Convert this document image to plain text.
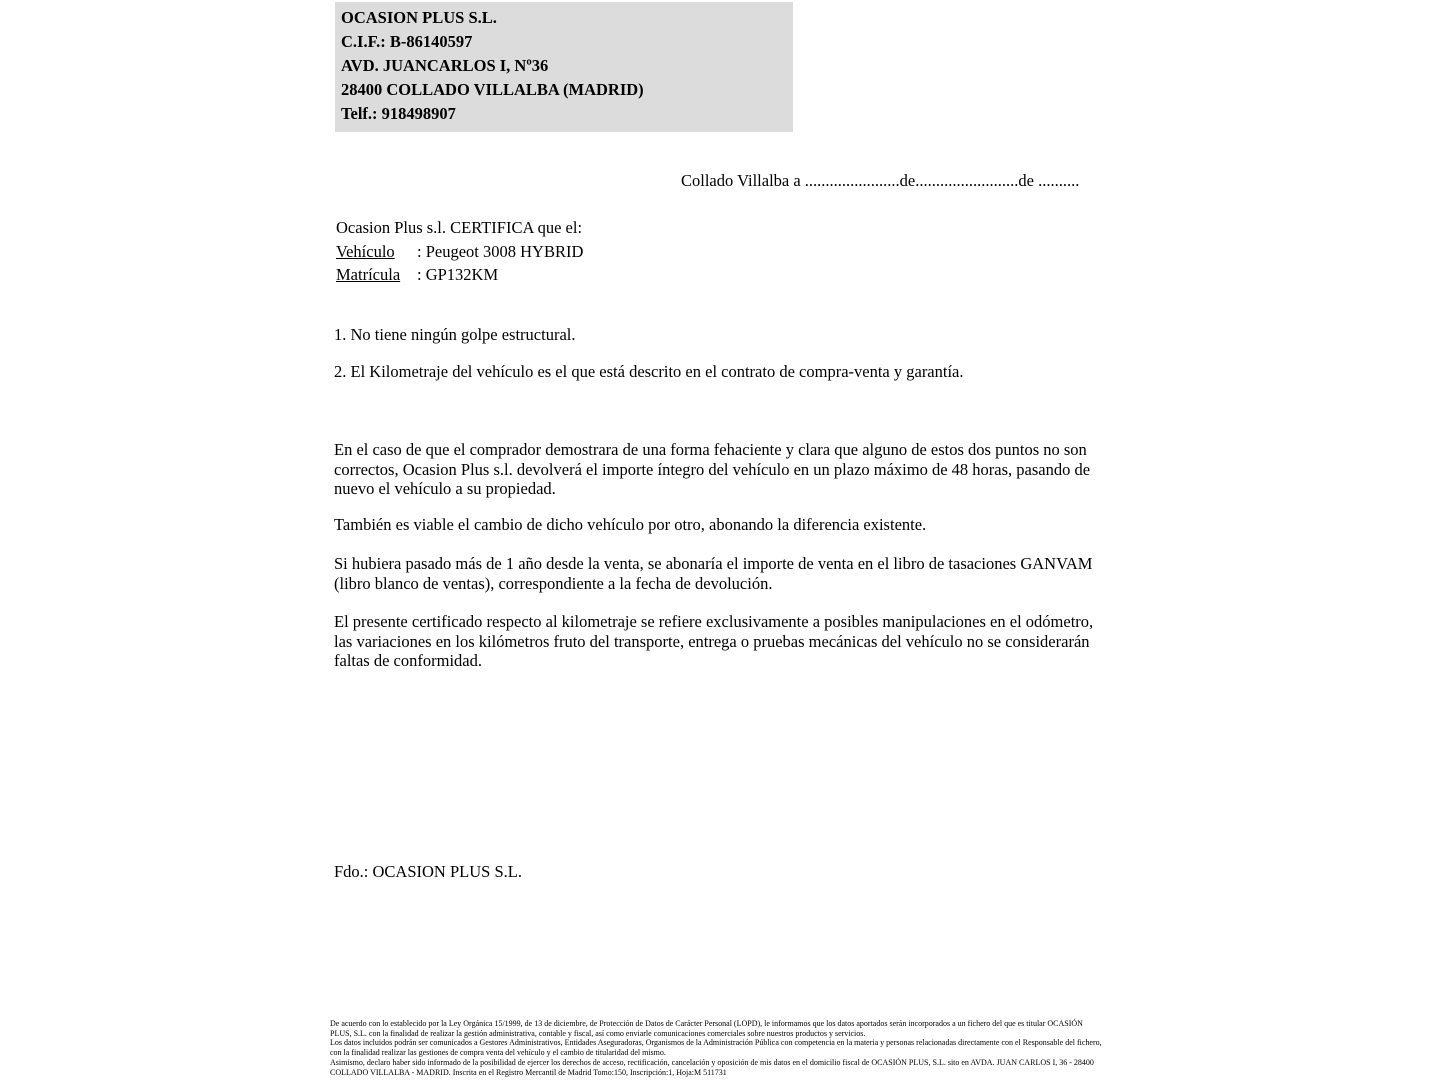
OCASION PLUS S.L.
C.I.F.: B-86140597
AVD. JUANCARLOS I, Nº36
28400 COLLADO VILLALBA (MADRID)
Telf.: 918498907
Collado Villalba a .......................de.........................de ..........
Ocasion Plus s.l. CERTIFICA que el:
Vehículo : Peugeot 3008 HYBRID
Matrícula : GP132KM
1. No tiene ningún golpe estructural.
2. El Kilometraje del vehículo es el que está descrito en el contrato de compra-venta y garantía.
En el caso de que el comprador demostrara de una forma fehaciente y clara que alguno de estos dos puntos no son correctos, Ocasion Plus s.l. devolverá el importe íntegro del vehículo en un plazo máximo de 48 horas, pasando de nuevo el vehículo a su propiedad.
También es viable el cambio de dicho vehículo por otro, abonando la diferencia existente.
Si hubiera pasado más de 1 año desde la venta, se abonaría el importe de venta en el libro de tasaciones GANVAM (libro blanco de ventas), correspondiente a la fecha de devolución.
El presente certificado respecto al kilometraje se refiere exclusivamente a posibles manipulaciones en el odómetro, las variaciones en los kilómetros fruto del transporte, entrega o pruebas mecánicas del vehículo no se considerarán faltas de conformidad.
Fdo.: OCASION PLUS S.L.
De acuerdo con lo establecido por la Ley Orgánica 15/1999, de 13 de diciembre, de Protección de Datos de Carácter Personal (LOPD), le informamos que los datos aportados serán incorporados a un fichero del que es titular OCASIÓN PLUS, S.L. con la finalidad de realizar la gestión administrativa, contable y fiscal, así como enviarle comunicaciones comerciales sobre nuestros productos y servicios.
Los datos incluidos podrán ser comunicados a Gestores Administrativos, Entidades Aseguradoras, Organismos de la Administración Pública con competencia en la materia y personas relacionadas directamente con el Responsable del fichero, con la finalidad realizar las gestiones de compra venta del vehículo y el cambio de titularidad del mismo.
Asimismo, declaro haber sido informado de la posibilidad de ejercer los derechos de acceso, rectificación, cancelación y oposición de mis datos en el domicilio fiscal de OCASIÓN PLUS, S.L. sito en AVDA. JUAN CARLOS I, 36 - 28400 COLLADO VILLALBA - MADRID. Inscrita en el Registro Mercantil de Madrid Tomo:150, Inscripción:1, Hoja:M 511731
